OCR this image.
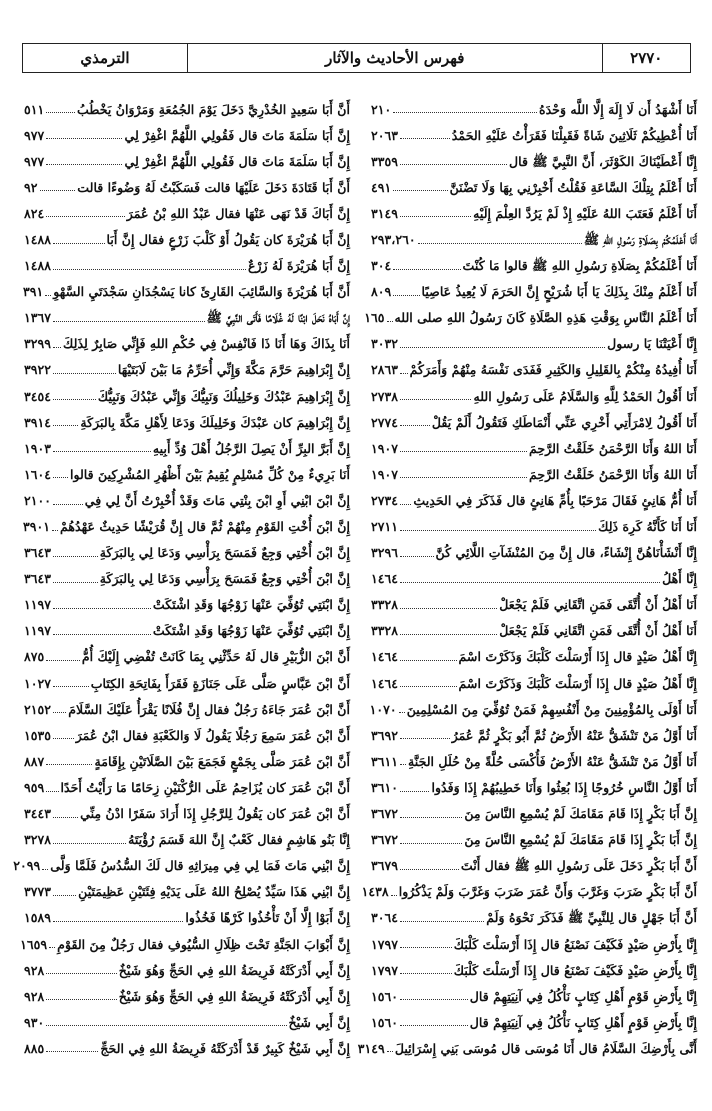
الترمذي	فهرس الأحاديث والآثار	٢٧٧٠
أَنَا أَشْهَدُ أَن لَا إِلَهَ إِلَّا اللَّه وَحْدَهُ
٢١٠
أَنَا أُعْطِيكُمْ ثَلَاثِينَ شَاةً فَقَبِلْنَا فَقَرَأْتُ عَلَيْهِ الحَمْدُ
٢٠٦٣
إِنَّا أَعْطَيْنَاكَ الكَوْثَرَ، أَنَّ النَّبِيَّ ﷺ قال
٣٣٥٩
أَنَا أَعْلَمُ بِتِلْكَ السَّاعَةِ فَقُلْتُ أَخْبِرْنِي بِهَا وَلَا تَضْنَنَّ
٤٩١
أَنَا أَعْلَمُ فَعَتَبَ اللهُ عَلَيْهِ إِذْ لَمْ يَرُدَّ العِلْمَ إِلَيْهِ
٣١٤٩
أَنَا أَعْلَمُكُمْ بِصَلَاةِ رَسُولِ اللهِ ﷺ
٢٩٣،٢٦٠
أَنَا أَعْلَمُكُمْ بِصَلَاةِ رَسُولِ اللهِ ﷺ قالوا مَا كُنْتَ
٣٠٤
أَنَا أَعْلَمُ مِنْكَ بِذَلِكَ يَا أَبَا شُرَيْحٍ إِنَّ الحَرَمَ لَا يُعِيذُ عَاصِيًا
٨٠٩
أَنَا أَعْلَمُ النَّاسِ بِوَقْتِ هَذِهِ الصَّلَاةِ كَانَ رَسُولُ اللهِ صلى الله
١٦٥
إِنَّا أَعْيَتْنَا يَا رسول
٣٠٣٢
أَنَا أُفِيدُهُ مِنْكُمْ بِالقَلِيلِ وَالكَثِيرِ فَفَدَى نَفْسَهُ مِنْهُمْ وَأَمَرَكُمْ
٢٨٦٣
أَنَا أَقُولُ الحَمْدُ لِلَّهِ وَالسَّلَامُ عَلَى رَسُولِ اللهِ
٢٧٣٨
أَنَا أَقُولُ لِامْرَأَتِي أَخْرِي عَنِّي أَنْمَاطَكِ فَتَقُولُ أَلَمْ يَقُلْ
٢٧٧٤
أَنَا اللهُ وَأَنَا الرَّحْمَنُ خَلَقْتُ الرَّحِمَ
١٩٠٧
أَنَا اللهُ وَأَنَا الرَّحْمَنُ خَلَقْتُ الرَّحِمَ
١٩٠٧
أَنَا أُمُّ هَانِئٍ فَقَالَ مَرْحَبًا بِأُمِّ هَانِئٍ قال فَذَكَرَ فِي الحَدِيثِ
٢٧٣٤
أَنَا أَنَا كَأَنَّهُ كَرِهَ ذَلِكَ
٢٧١١
إِنَّا أَنْشَأْنَاهُنَّ إِنْشَاءً، قال إِنَّ مِنَ المُنْشَآتِ اللَّائِي كُنَّ
٣٢٩٦
إِنَّا أَهْلُ
١٤٦٤
أَنَا أَهْلُ أَنْ أُتَّقَى فَمَنِ اتَّقَانِي فَلَمْ يَجْعَلْ
٣٣٢٨
أَنَا أَهْلُ أَنْ أُتَّقَى فَمَنِ اتَّقَانِي فَلَمْ يَجْعَلْ
٣٣٢٨
إِنَّا أَهْلُ صَيْدٍ قال إِذَا أَرْسَلْتَ كَلْبَكَ وَذَكَرْتَ اسْمَ
١٤٦٤
إِنَّا أَهْلُ صَيْدٍ قال إِذَا أَرْسَلْتَ كَلْبَكَ وَذَكَرْتَ اسْمَ
١٤٦٤
أَنَا أَوْلَى بِالمُؤْمِنِينَ مِنْ أَنْفُسِهِمْ فَمَنْ تُوُفِّيَ مِنَ المُسْلِمِينَ
١٠٧٠
أَنَا أَوَّلُ مَنْ تَنْشَقُّ عَنْهُ الأَرْضُ ثُمَّ أَبُو بَكْرٍ ثُمَّ عُمَرُ
٣٦٩٢
أَنَا أَوَّلُ مَنْ تَنْشَقُّ عَنْهُ الأَرْضُ فَأُكْسَى حُلَّةً مِنْ حُلَلِ الجَنَّةِ
٣٦١١
أَنَا أَوَّلُ النَّاسِ خُرُوجًا إِذَا بُعِثُوا وَأَنَا خَطِيبُهُمْ إِذَا وَفَدُوا
٣٦١٠
إِنَّ أَبَا بَكْرٍ إِذَا قَامَ مَقَامَكَ لَمْ يُسْمِعِ النَّاسَ مِنَ
٣٦٧٢
إِنَّ أَبَا بَكْرٍ إِذَا قَامَ مَقَامَكَ لَمْ يُسْمِعِ النَّاسَ مِنَ
٣٦٧٢
أَنَّ أَبَا بَكْرٍ دَخَلَ عَلَى رَسُولِ اللهِ ﷺ فقال أَنْتَ
٣٦٧٩
أَنَّ أَبَا بَكْرٍ ضَرَبَ وَغَرَّبَ وَأَنَّ عُمَرَ ضَرَبَ وَغَرَّبَ وَلَمْ يَذْكُرُوا
١٤٣٨
أَنَّ أَبَا جَهْلٍ قال لِلنَّبِيِّ ﷺ فَذَكَرَ نَحْوَهُ وَلَمْ
٣٠٦٤
إِنَّا بِأَرْضِ صَيْدٍ فَكَيْفَ نَصْنَعُ قال إِذَا أَرْسَلْتَ كَلْبَكَ
١٧٩٧
إِنَّا بِأَرْضِ صَيْدٍ فَكَيْفَ نَصْنَعُ قال إِذَا أَرْسَلْتَ كَلْبَكَ
١٧٩٧
إِنَّا بِأَرْضِ قَوْمٍ أَهْلِ كِتَابٍ نَأْكُلُ فِي آنِيَتِهِمْ قال
١٥٦٠
إِنَّا بِأَرْضِ قَوْمٍ أَهْلِ كِتَابٍ نَأْكُلُ فِي آنِيَتِهِمْ قال
١٥٦٠
أَنَّى بِأَرْضِكَ السَّلَامُ قال أَنَا مُوسَى قال مُوسَى بَنِي إِسْرَائِيلَ
٣١٤٩
أَنَّ أَبَا سَعِيدٍ الخُدْرِيَّ دَخَلَ يَوْمَ الجُمُعَةِ وَمَرْوَانُ يَخْطُبُ
٥١١
إِنَّ أَبَا سَلَمَةَ مَاتَ قال فَقُولِي اللَّهُمَّ اغْفِرْ لِي
٩٧٧
إِنَّ أَبَا سَلَمَةَ مَاتَ قال فَقُولِي اللَّهُمَّ اغْفِرْ لِي
٩٧٧
أَنَّ أَبَا قَتَادَةَ دَخَلَ عَلَيْهَا قالت فَسَكَبْتُ لَهُ وَضُوءًا قالت
٩٢
إِنَّ أَبَاكَ قَدْ نَهَى عَنْهَا فقال عَبْدُ اللهِ بْنُ عُمَرَ
٨٢٤
إِنَّ أَبَا هُرَيْرَةَ كان يَقُولُ أَوْ كَلْبَ زَرْعٍ فقال إِنَّ أَبَا
١٤٨٨
إِنَّ أَبَا هُرَيْرَةَ لَهُ زَرْعٌ
١٤٨٨
أَنَّ أَبَا هُرَيْرَةَ وَالسَّائِبَ القَارِئَ كانا يَسْجُدَانِ سَجْدَتَيِ السَّهْوِ
٣٩١
إِنَّ أَبَاهُ نَحَلَ ابْنًا لَهُ غُلَامًا فَأَتَى النَّبِيَّ ﷺ
١٣٦٧
أَنَا بِذَاكَ وَهَا أَنَا ذَا فَانْفِسْ فِي حُكْمِ اللهِ فَإِنِّي صَابِرٌ لِذَلِكَ
٣٢٩٩
إِنَّ إِبْرَاهِيمَ حَرَّمَ مَكَّةَ وَإِنِّي أُحَرِّمُ مَا بَيْنَ لَابَتَيْهَا
٣٩٢٢
إِنَّ إِبْرَاهِيمَ عَبْدُكَ وَخَلِيلُكَ وَنَبِيُّكَ وَإِنِّي عَبْدُكَ وَنَبِيُّكَ
٣٤٥٤
إِنَّ إِبْرَاهِيمَ كان عَبْدَكَ وَخَلِيلَكَ وَدَعَا لِأَهْلِ مَكَّةَ بِالبَرَكَةِ
٣٩١٤
إِنَّ أَبَرَّ البِرِّ أَنْ يَصِلَ الرَّجُلُ أَهْلَ وُدِّ أَبِيهِ
١٩٠٣
أَنَا بَرِيءٌ مِنْ كُلِّ مُسْلِمٍ يُقِيمُ بَيْنَ أَظْهُرِ المُشْرِكِينَ قالوا
١٦٠٤
إِنَّ ابْنَ ابْنِي أَوِ ابْنَ بِنْتِي مَاتَ وَقَدْ أُخْبِرْتُ أَنَّ لِي فِي
٢١٠٠
إِنَّ ابْنَ أُخْتِ القَوْمِ مِنْهُمْ ثُمَّ قال إِنَّ قُرَيْشًا حَدِيثٌ عَهْدُهُمْ
٣٩٠١
إِنَّ ابْنَ أُخْتِي وَجِعٌ فَمَسَحَ بِرَأْسِي وَدَعَا لِي بِالبَرَكَةِ
٣٦٤٣
إِنَّ ابْنَ أُخْتِي وَجِعٌ فَمَسَحَ بِرَأْسِي وَدَعَا لِي بِالبَرَكَةِ
٣٦٤٣
إِنَّ ابْنَتِي تُوُفِّيَ عَنْهَا زَوْجُهَا وَقَدِ اشْتَكَتْ
١١٩٧
إِنَّ ابْنَتِي تُوُفِّيَ عَنْهَا زَوْجُهَا وَقَدِ اشْتَكَتْ
١١٩٧
أَنَّ ابْنَ الزُّبَيْرِ قال لَهُ حَدِّثْنِي بِمَا كَانَتْ تُفْضِي إِلَيْكَ أُمُّ
٨٧٥
أَنَّ ابْنَ عَبَّاسٍ صَلَّى عَلَى جَنَازَةٍ فَقَرَأَ بِفَاتِحَةِ الكِتَابِ
١٠٢٧
أَنَّ ابْنَ عُمَرَ جَاءَهُ رَجُلٌ فقال إِنَّ فُلَانًا يَقْرَأُ عَلَيْكَ السَّلَامَ
٢١٥٢
أَنَّ ابْنَ عُمَرَ سَمِعَ رَجُلًا يَقُولُ لَا وَالكَعْبَةِ فقال ابْنُ عُمَرَ
١٥٣٥
أَنَّ ابْنَ عُمَرَ صَلَّى بِجَمْعٍ فَجَمَعَ بَيْنَ الصَّلَاتَيْنِ بِإِقَامَةٍ
٨٨٧
أَنَّ ابْنَ عُمَرَ كان يُزَاحِمُ عَلَى الرُّكْنَيْنِ زِحَامًا مَا رَأَيْتُ أَحَدًا
٩٥٩
أَنَّ ابْنَ عُمَرَ كان يَقُولُ لِلرَّجُلِ إِذَا أَرَادَ سَفَرًا ادْنُ مِنِّي
٣٤٤٣
إِنَّا بَنُو هَاشِمٍ فقال كَعْبٌ إِنَّ اللهَ قَسَمَ رُؤْيَتَهُ
٣٢٧٨
إِنَّ ابْنِي مَاتَ فَمَا لِي فِي مِيرَاثِهِ قال لَكَ السُّدُسُ فَلَمَّا وَلَّى
٢٠٩٩
إِنَّ ابْنِي هَذَا سَيِّدٌ يُصْلِحُ اللهُ عَلَى يَدَيْهِ فِئَتَيْنِ عَظِيمَتَيْنِ
٣٧٧٣
إِنَّ أَبَوْا إِلَّا أَنْ تَأْخُذُوا كَرْهًا فَخُذُوا
١٥٨٩
إِنَّ أَبْوَابَ الجَنَّةِ تَحْتَ ظِلَالِ السُّيُوفِ فقال رَجُلٌ مِنَ القَوْمِ
١٦٥٩
إِنَّ أَبِي أَدْرَكَتْهُ فَرِيضَةُ اللهِ فِي الحَجِّ وَهُوَ شَيْخٌ
٩٢٨
إِنَّ أَبِي أَدْرَكَتْهُ فَرِيضَةُ اللهِ فِي الحَجِّ وَهُوَ شَيْخٌ
٩٢٨
إِنَّ أَبِي شَيْخٌ
٩٣٠
إِنَّ أَبِي شَيْخٌ كَبِيرٌ قَدْ أَدْرَكَتْهُ فَرِيضَةُ اللهِ فِي الحَجِّ
٨٨٥
